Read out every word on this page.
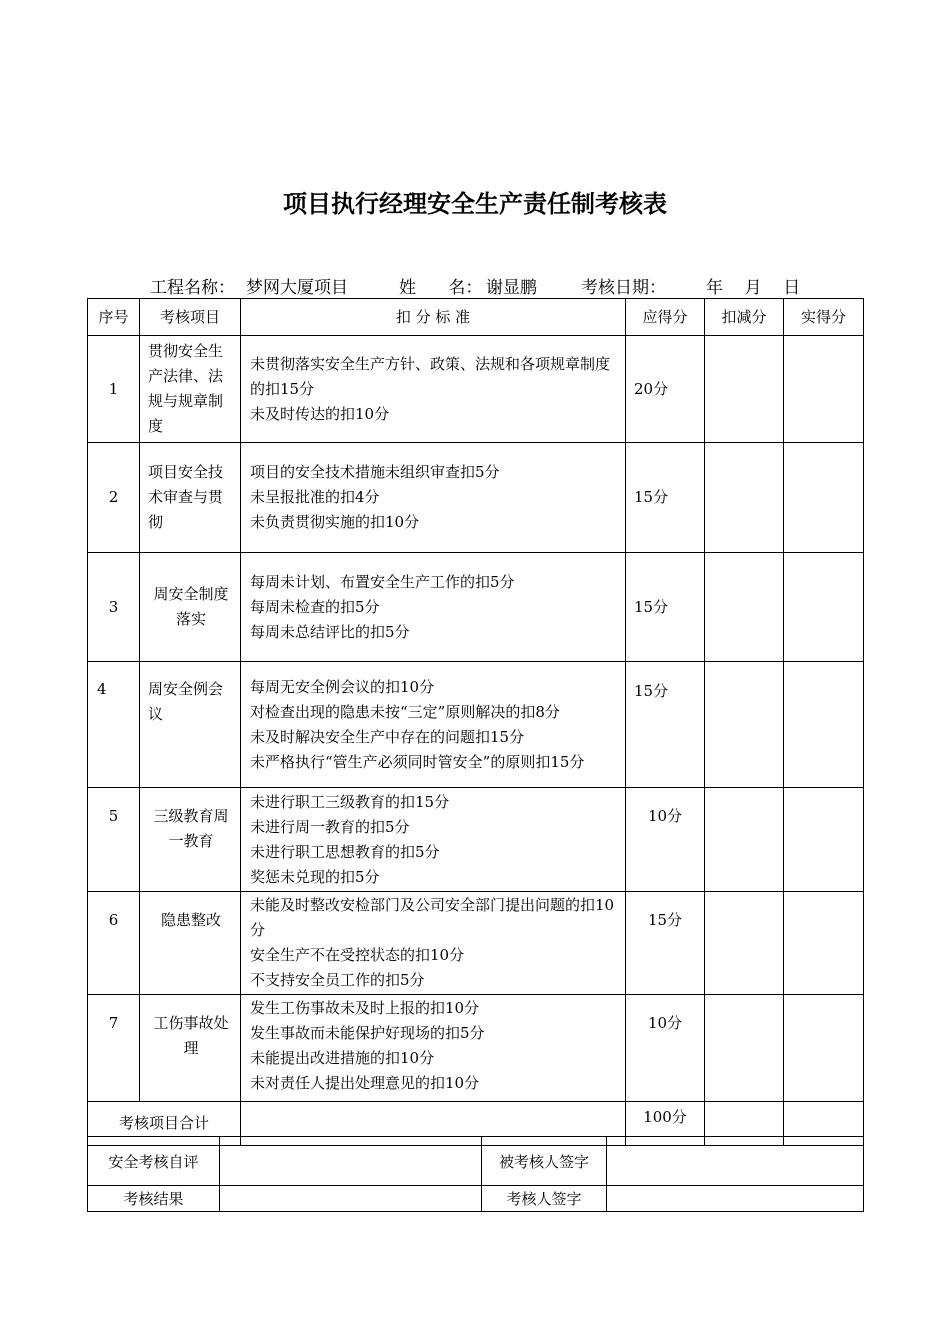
项目执行经理安全生产责任制考核表
工程名称： 梦网大厦项目	姓      名： 谢显鹏	考核日期： 年    月    日
序号	考核项目	扣 分 标 准	应得分	扣减分	实得分
1	贯彻安全生产法律、法规与规章制度	未贯彻落实安全生产方针、政策、法规和各项规章制度的扣15分
未及时传达的扣10分	20分		
2	项目安全技术审查与贯彻	项目的安全技术措施未组织审查扣5分
未呈报批准的扣4分
未负责贯彻实施的扣10分	15分		
3	周安全制度落实	每周未计划、布置安全生产工作的扣5分
每周未检查的扣5分
每周未总结评比的扣5分	15分		
4	周安全例会议	每周无安全例会议的扣10分
对检查出现的隐患未按“三定”原则解决的扣8分
未及时解决安全生产中存在的问题扣15分
未严格执行“管生产必须同时管安全”的原则扣15分	15分		
5	三级教育周一教育	未进行职工三级教育的扣15分
未进行周一教育的扣5分
未进行职工思想教育的扣5分
奖惩未兑现的扣5分	10分		
6	隐患整改	未能及时整改安检部门及公司安全部门提出问题的扣10分
安全生产不在受控状态的扣10分
不支持安全员工作的扣5分	15分		
7	工伤事故处理	发生工伤事故未及时上报的扣10分
发生事故而未能保护好现场的扣5分
未能提出改进措施的扣10分
未对责任人提出处理意见的扣10分	10分		
考核项目合计			100分		
安全考核自评		被考核人签字	
考核结果		考核人签字	
